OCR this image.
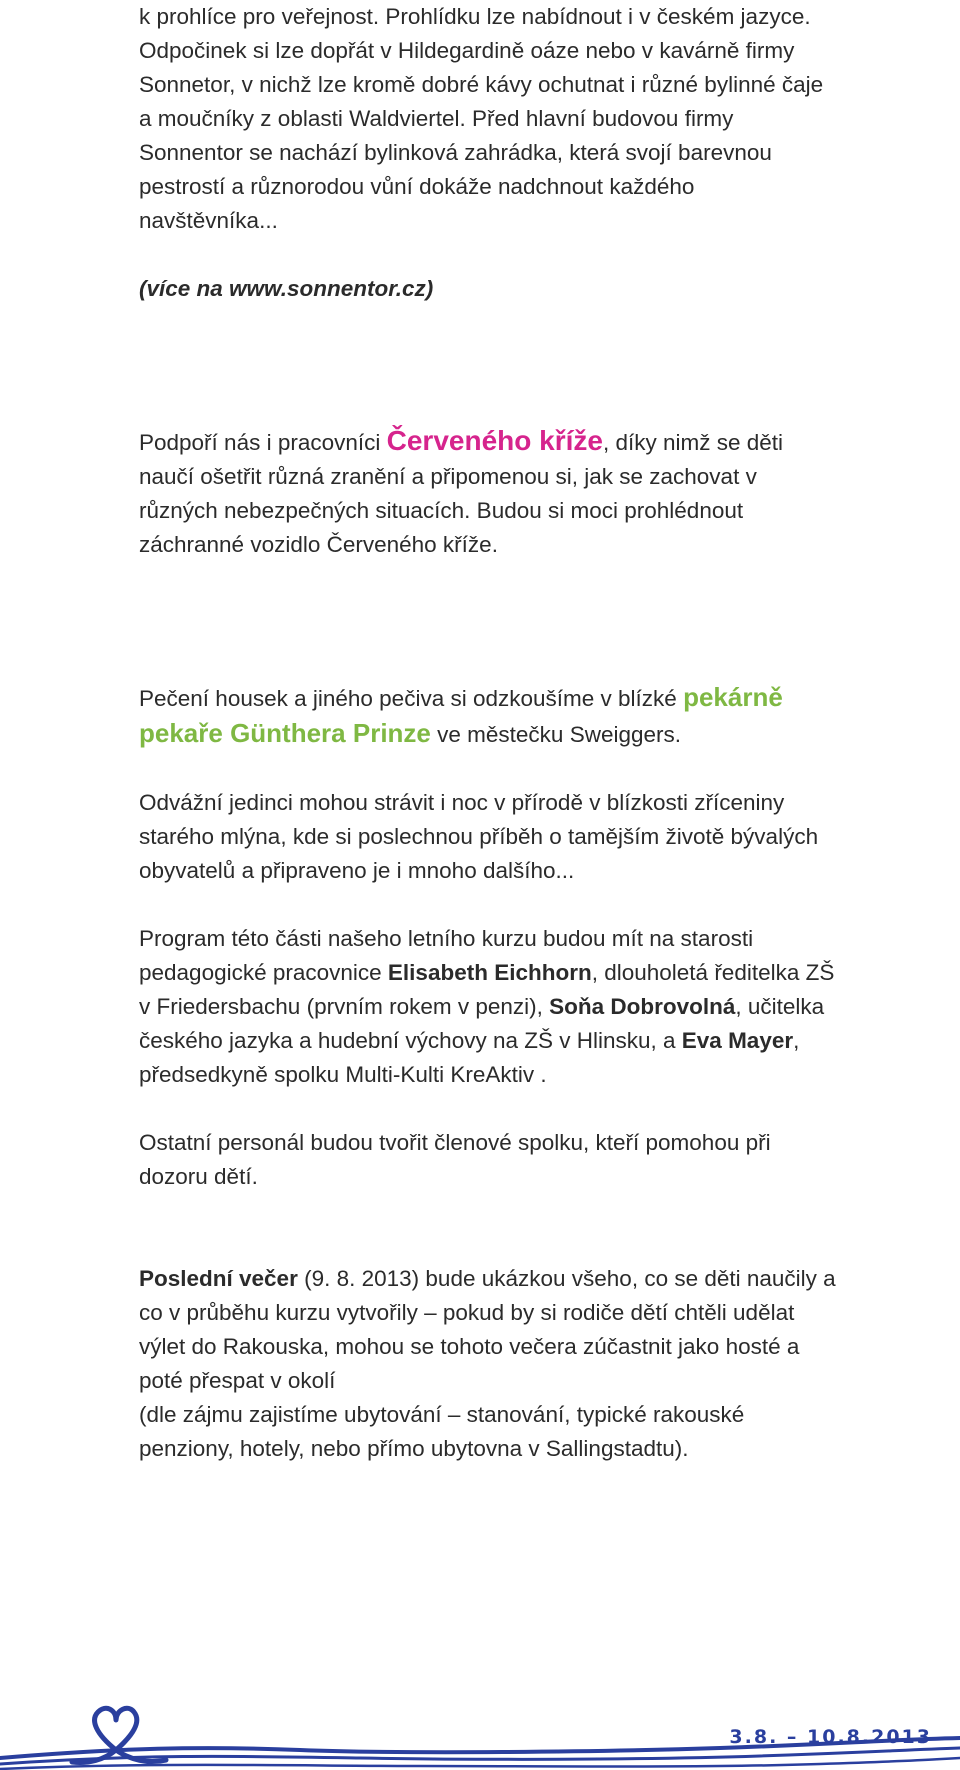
k prohlíce pro veřejnost. Prohlídku lze nabídnout i v českém jazyce. Odpočinek si lze dopřát v Hildegardině oáze nebo v kavárně firmy Sonnetor, v nichž lze kromě dobré kávy ochutnat i různé bylinné čaje a moučníky z oblasti Waldviertel. Před hlavní budovou firmy Sonnentor se nachází bylinková zahrádka, která svojí barevnou pestrostí a různorodou vůní dokáže nadchnout každého navštěvníka...

(více na www.sonnentor.cz)

Podpoří nás i pracovníci Červeného kříže, díky nimž se děti naučí ošetřit různá zranění a připomenou si, jak se zachovat v různých nebezpečných situacích. Budou si moci prohlédnout záchranné vozidlo Červeného kříže.

Pečení housek a jiného pečiva si odzkoušíme v blízké pekárně pekaře Günthera Prinze ve městečku Sweiggers.

Odvážní jedinci mohou strávit i noc v přírodě v blízkosti zříceniny starého mlýna, kde si poslechnou příběh o tamějším životě bývalých obyvatelů a připraveno je i mnoho dalšího...

Program této části našeho letního kurzu budou mít na starosti pedagogické pracovnice Elisabeth Eichhorn, dlouholetá ředitelka ZŠ v Friedersbachu (prvním rokem v penzi), Soňa Dobrovolná, učitelka českého jazyka a hudební výchovy na ZŠ v Hlinsku, a Eva Mayer, předsedkyně spolku Multi-Kulti KreAktiv .

Ostatní personál budou tvořit členové spolku, kteří pomohou při dozoru dětí.

Poslední večer (9. 8. 2013) bude ukázkou všeho, co se děti naučily a co v průběhu kurzu vytvořily – pokud by si rodiče dětí chtěli udělat výlet do Rakouska, mohou se tohoto večera zúčastnit jako hosté a poté přespat v okolí
(dle zájmu zajistíme ubytování – stanování, typické rakouské penziony, hotely, nebo přímo ubytovna v Sallingstadtu).

3.8. – 10.8.2013
